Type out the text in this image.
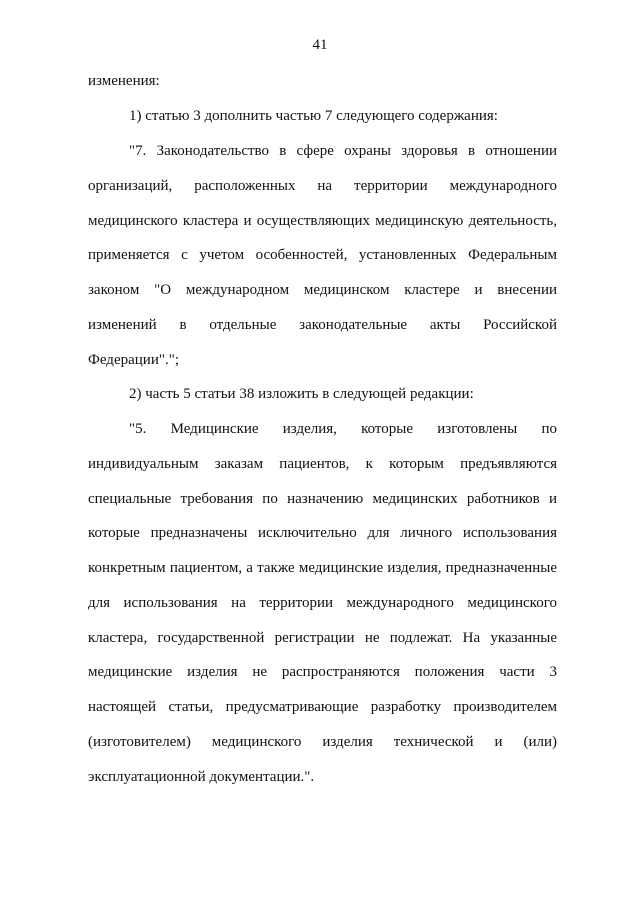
41
изменения:
1) статью 3 дополнить частью 7 следующего содержания:
"7. Законодательство в сфере охраны здоровья в отношении
организаций, расположенных на территории международного
медицинского кластера и осуществляющих медицинскую деятельность,
применяется с учетом особенностей, установленных Федеральным
законом "О международном медицинском кластере и внесении
изменений в отдельные законодательные акты Российской
Федерации".";
2) часть 5 статьи 38 изложить в следующей редакции:
"5. Медицинские изделия, которые изготовлены по
индивидуальным заказам пациентов, к которым предъявляются
специальные требования по назначению медицинских работников и
которые предназначены исключительно для личного использования
конкретным пациентом, а также медицинские изделия, предназначенные
для использования на территории международного медицинского
кластера, государственной регистрации не подлежат. На указанные
медицинские изделия не распространяются положения части 3
настоящей статьи, предусматривающие разработку производителем
(изготовителем) медицинского изделия технической и (или)
эксплуатационной документации.".
